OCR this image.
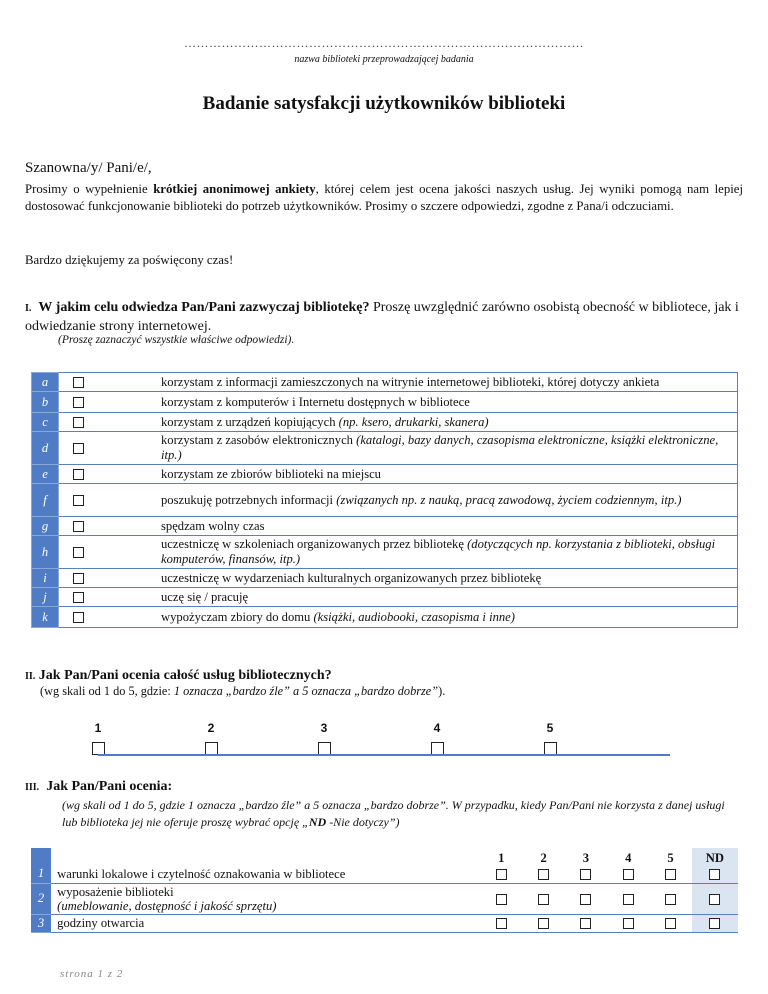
……………………………………………………………………………………
nazwa biblioteki przeprowadzającej badania
Badanie satysfakcji użytkowników biblioteki
Szanowna/y/ Pani/e/,
Prosimy o wypełnienie krótkiej anonimowej ankiety, której celem jest ocena jakości naszych usług. Jej wyniki pomogą nam lepiej dostosować funkcjonowanie biblioteki do potrzeb użytkowników. Prosimy o szczere odpowiedzi, zgodne z Pana/i odczuciami.
Bardzo dziękujemy za poświęcony czas!
I. W jakim celu odwiedza Pan/Pani zazwyczaj bibliotekę? Proszę uwzględnić zarówno osobistą obecność w bibliotece, jak i odwiedzanie strony internetowej.
(Proszę zaznaczyć wszystkie właściwe odpowiedzi).
a		korzystam z informacji zamieszczonych na witrynie internetowej biblioteki, której dotyczy ankieta
b		korzystam z komputerów i Internetu dostępnych w bibliotece
c		korzystam z urządzeń kopiujących (np. ksero, drukarki, skanera)
d		korzystam z zasobów elektronicznych (katalogi, bazy danych, czasopisma elektroniczne, książki elektroniczne, itp.)
e		korzystam ze zbiorów biblioteki na miejscu
f		poszukuję potrzebnych informacji (związanych np. z nauką, pracą zawodową, życiem codziennym, itp.)
g		spędzam wolny czas
h		uczestniczę w szkoleniach organizowanych przez bibliotekę (dotyczących np. korzystania z biblioteki, obsługi komputerów, finansów, itp.)
i		uczestniczę w wydarzeniach kulturalnych organizowanych przez bibliotekę
j		uczę się / pracuję
k		wypożyczam zbiory do domu (książki, audiobooki, czasopisma i inne)
II. Jak Pan/Pani ocenia całość usług bibliotecznych?
(wg skali od 1 do 5, gdzie: 1 oznacza „bardzo źle” a 5 oznacza „bardzo dobrze”).
1	2	3	4	5
III. Jak Pan/Pani ocenia:
(wg skali od 1 do 5, gdzie 1 oznacza „bardzo źle” a 5 oznacza „bardzo dobrze”. W przypadku, kiedy Pan/Pani nie korzysta z danej usługi lub biblioteka jej nie oferuje proszę wybrać opcję „ND -Nie dotyczy”)
		1	2	3	4	5	ND
1	warunki lokalowe i czytelność oznakowania w bibliotece						
2	wyposażenie biblioteki
(umeblowanie, dostępność i jakość sprzętu)						
3	godziny otwarcia						
strona 1 z 2
